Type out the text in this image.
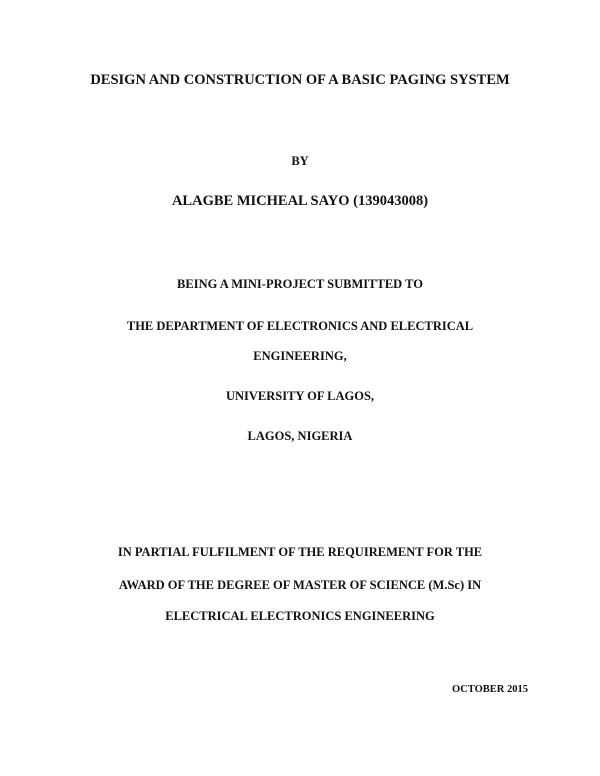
DESIGN AND CONSTRUCTION OF A BASIC PAGING SYSTEM
BY
ALAGBE MICHEAL SAYO (139043008)
BEING A MINI-PROJECT SUBMITTED TO
THE DEPARTMENT OF ELECTRONICS AND ELECTRICAL
ENGINEERING,
UNIVERSITY OF LAGOS,
LAGOS, NIGERIA
IN PARTIAL FULFILMENT OF THE REQUIREMENT FOR THE
AWARD OF THE DEGREE OF MASTER OF SCIENCE (M.Sc) IN
ELECTRICAL ELECTRONICS ENGINEERING
OCTOBER 2015
